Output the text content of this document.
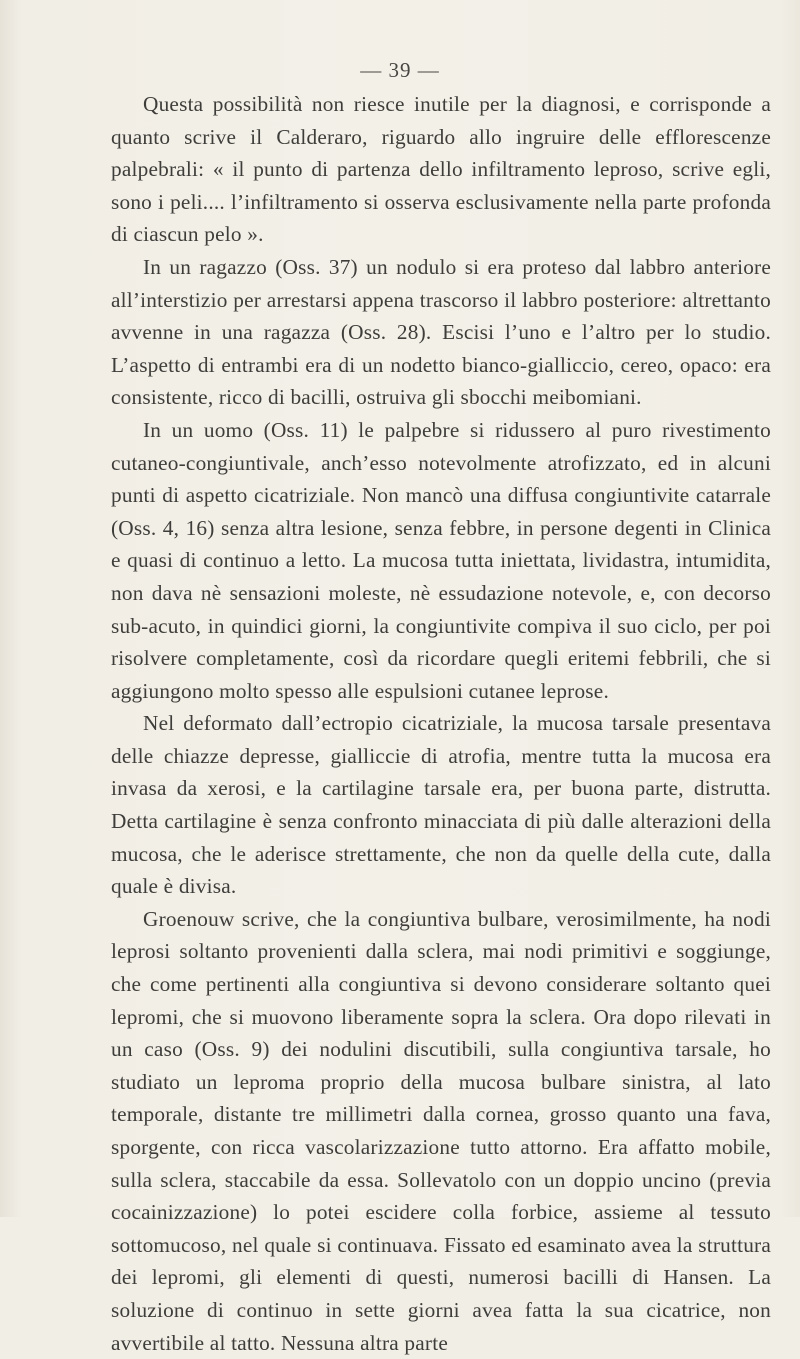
— 39 —

Questa possibilità non riesce inutile per la diagnosi, e corrisponde a quanto scrive il Calderaro, riguardo allo ingruire delle efflorescenze palpebrali: « il punto di partenza dello infiltramento leproso, scrive egli, sono i peli.... l’infiltramento si osserva esclusivamente nella parte profonda di ciascun pelo ».

In un ragazzo (Oss. 37) un nodulo si era proteso dal labbro anteriore all’interstizio per arrestarsi appena trascorso il labbro posteriore: altrettanto avvenne in una ragazza (Oss. 28). Escisi l’uno e l’altro per lo studio. L’aspetto di entrambi era di un nodetto bianco-gialliccio, cereo, opaco: era consistente, ricco di bacilli, ostruiva gli sbocchi meibomiani.

In un uomo (Oss. 11) le palpebre si ridussero al puro rivestimento cutaneo-congiuntivale, anch’esso notevolmente atrofizzato, ed in alcuni punti di aspetto cicatriziale. Non mancò una diffusa congiuntivite catarrale (Oss. 4, 16) senza altra lesione, senza febbre, in persone degenti in Clinica e quasi di continuo a letto. La mucosa tutta iniettata, lividastra, intumidita, non dava nè sensazioni moleste, nè essudazione notevole, e, con decorso sub-acuto, in quindici giorni, la congiuntivite compiva il suo ciclo, per poi risolvere completamente, così da ricordare quegli eritemi febbrili, che si aggiungono molto spesso alle espulsioni cutanee leprose.

Nel deformato dall’ectropio cicatriziale, la mucosa tarsale presentava delle chiazze depresse, gialliccie di atrofia, mentre tutta la mucosa era invasa da xerosi, e la cartilagine tarsale era, per buona parte, distrutta. Detta cartilagine è senza confronto minacciata di più dalle alterazioni della mucosa, che le aderisce strettamente, che non da quelle della cute, dalla quale è divisa.

Groenouw scrive, che la congiuntiva bulbare, verosimilmente, ha nodi leprosi soltanto provenienti dalla sclera, mai nodi primitivi e soggiunge, che come pertinenti alla congiuntiva si devono considerare soltanto quei lepromi, che si muovono liberamente sopra la sclera. Ora dopo rilevati in un caso (Oss. 9) dei nodulini discutibili, sulla congiuntiva tarsale, ho studiato un leproma proprio della mucosa bulbare sinistra, al lato temporale, distante tre millimetri dalla cornea, grosso quanto una fava, sporgente, con ricca vascolarizzazione tutto attorno. Era affatto mobile, sulla sclera, staccabile da essa. Sollevatolo con un doppio uncino (previa cocainizzazione) lo potei escidere colla forbice, assieme al tessuto sottomucoso, nel quale si continuava. Fissato ed esaminato avea la struttura dei lepromi, gli elementi di questi, numerosi bacilli di Hansen. La soluzione di continuo in sette giorni avea fatta la sua cicatrice, non avvertibile al tatto. Nessuna altra parte
